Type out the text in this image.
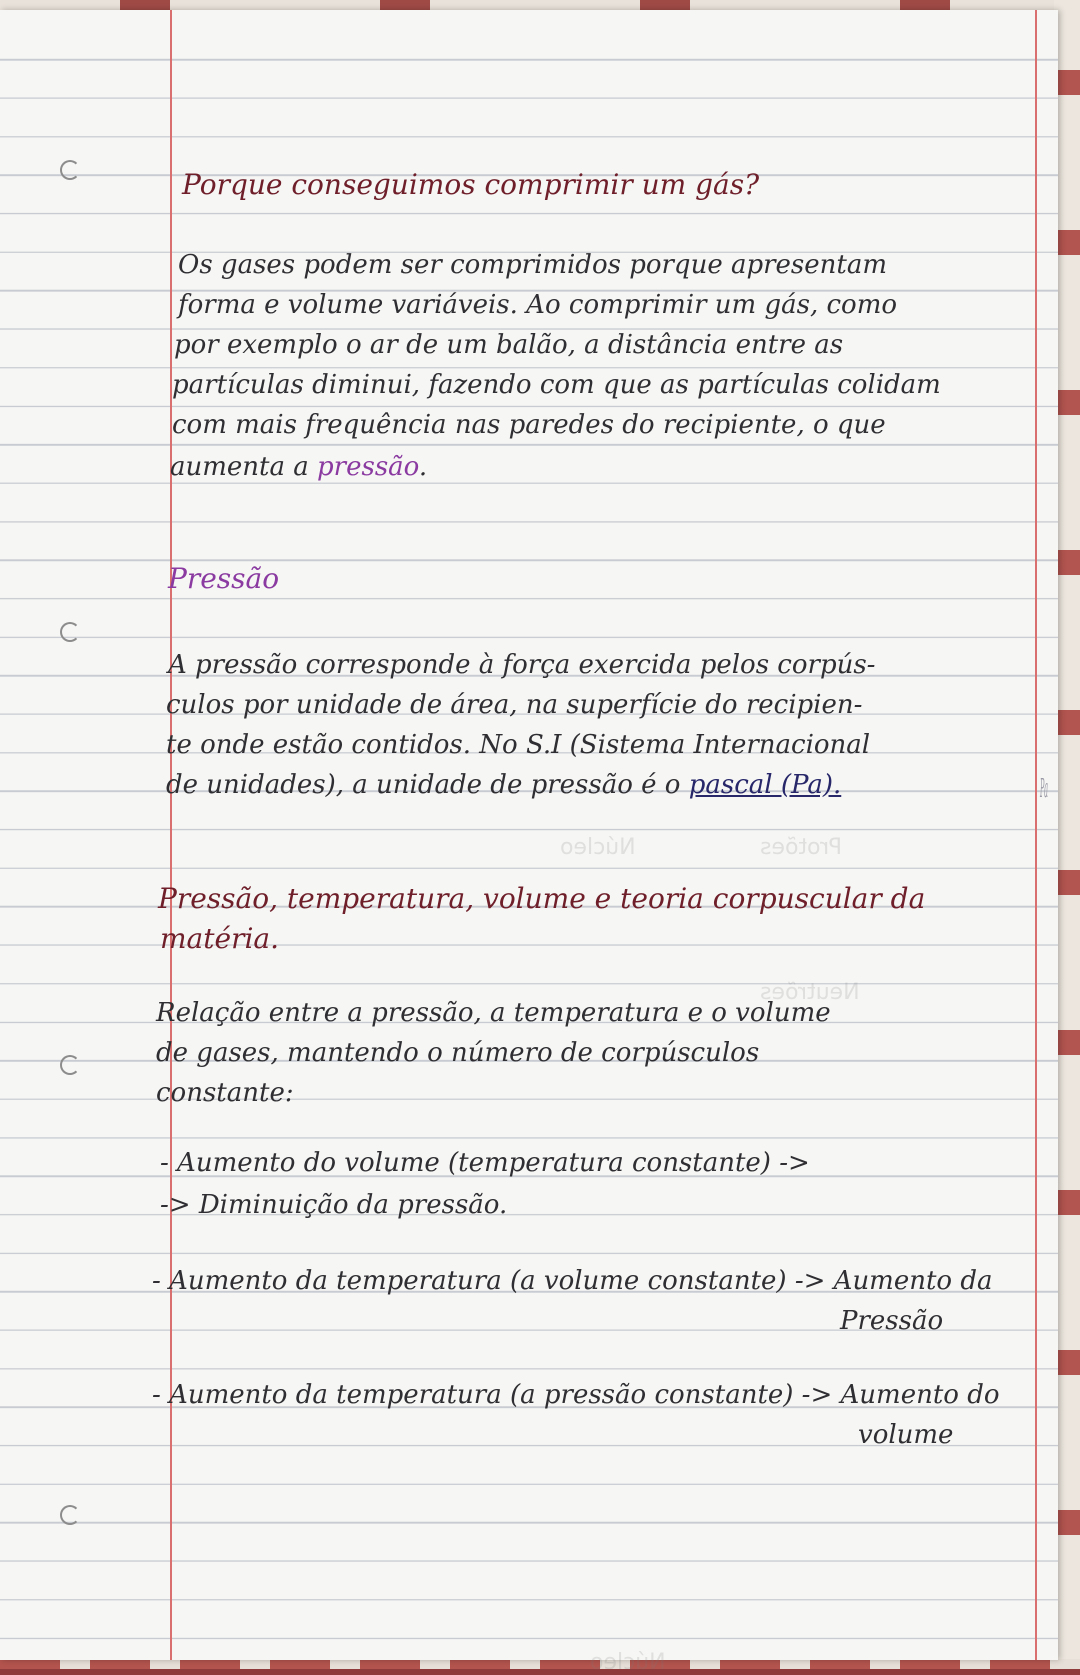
Núcleo	Protões
Neutrões
Núcleo
Porque conseguimos comprimir um gás?
Os gases podem ser comprimidos porque apresentam
forma e volume variáveis. Ao comprimir um gás, como
por exemplo o ar de um balão, a distância entre as
partículas diminui, fazendo com que as partículas colidam
com mais frequência nas paredes do recipiente, o que
aumenta a pressão.
Pressão
A pressão corresponde à força exercida pelos corpús-
culos por unidade de área, na superfície do recipien-
te onde estão contidos. No S.I (Sistema Internacional
de unidades), a unidade de pressão é o pascal (Pa).	Pa
Pressão, temperatura, volume e teoria corpuscular da
matéria.
Relação entre a pressão, a temperatura e o volume
de gases, mantendo o número de corpúsculos
constante:
- Aumento do volume (temperatura constante) ->
-> Diminuição da pressão.
- Aumento da temperatura (a volume constante) -> Aumento da
Pressão
- Aumento da temperatura (a pressão constante) -> Aumento do
volume
